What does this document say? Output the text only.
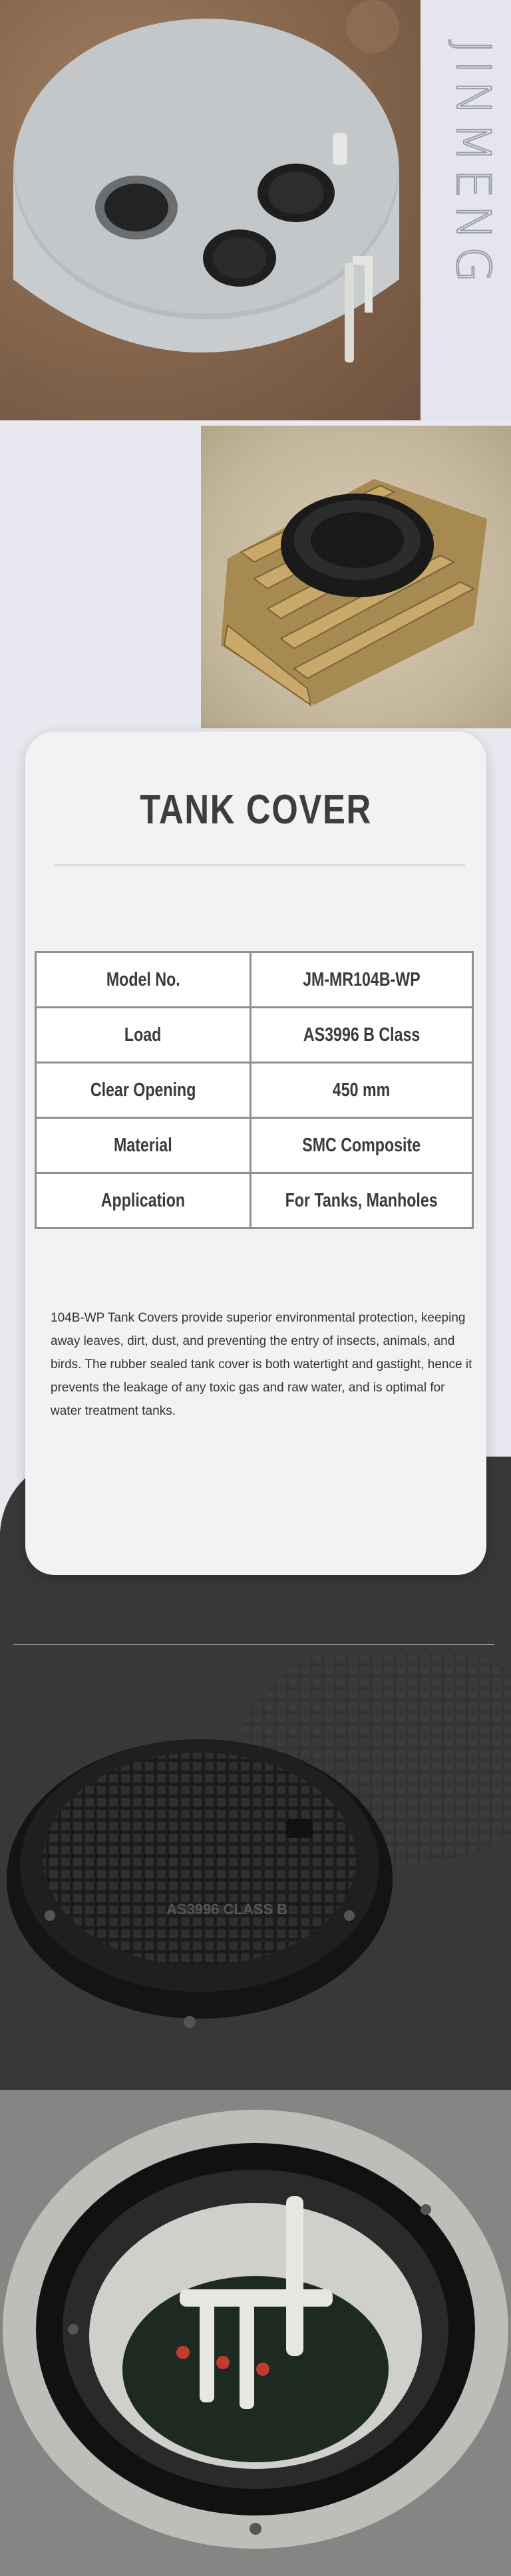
JINMENG
TANK COVER
Model No.	JM-MR104B-WP
Load	AS3996 B Class
Clear Opening	450 mm
Material	SMC Composite
Application	For Tanks, Manholes

104B-WP Tank Covers provide superior environmental protection, keeping away leaves, dirt, dust, and preventing the entry of insects, animals, and birds. The rubber sealed tank cover is both watertight and gastight, hence it prevents the leakage of any toxic gas and raw water, and is optimal for water treatment tanks.

AS3996 CLASS B
